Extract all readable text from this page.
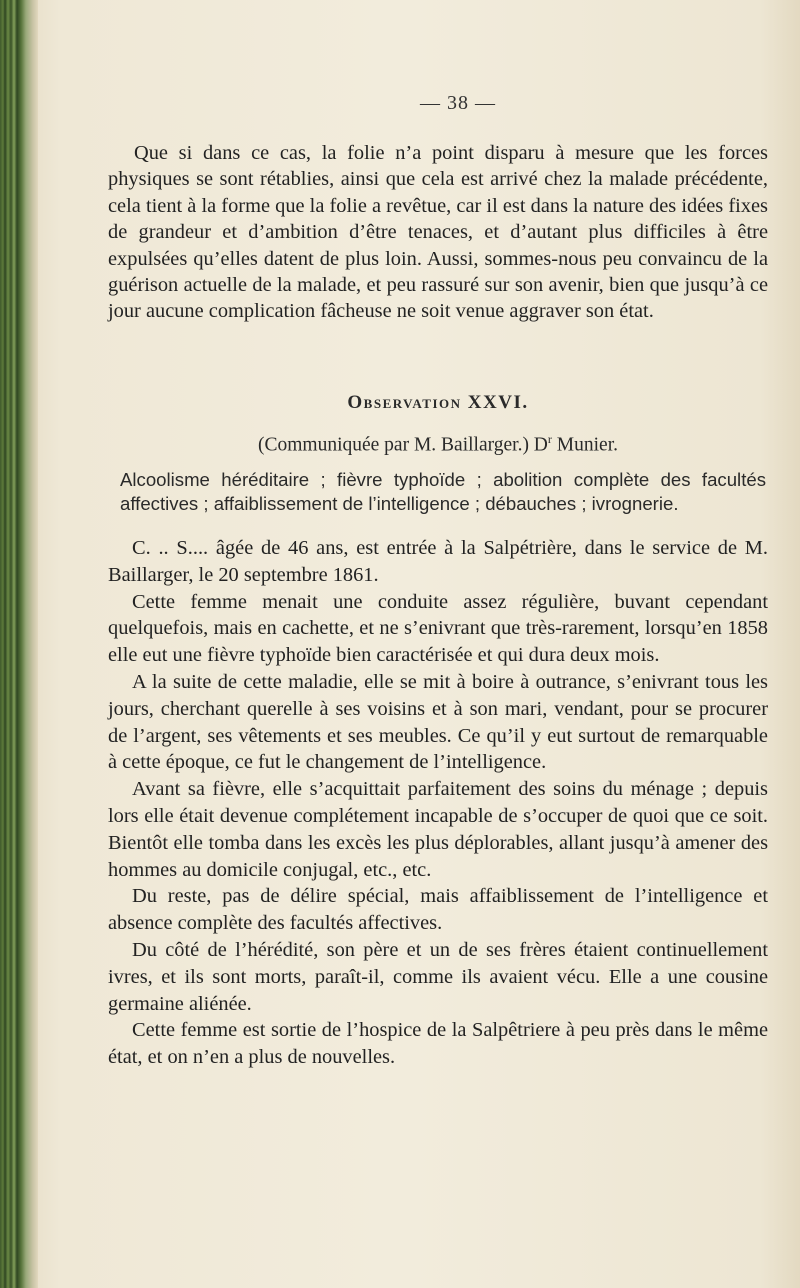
— 38 —

Que si dans ce cas, la folie n’a point disparu à mesure que les forces physiques se sont rétablies, ainsi que cela est arrivé chez la malade précédente, cela tient à la forme que la folie a revêtue, car il est dans la nature des idées fixes de grandeur et d’ambition d’être tenaces, et d’autant plus difficiles à être expulsées qu’elles datent de plus loin. Aussi, sommes-nous peu convaincu de la guérison actuelle de la malade, et peu rassuré sur son avenir, bien que jusqu’à ce jour aucune complication fâcheuse ne soit venue aggraver son état.

Observation XXVI.
(Communiquée par M. Baillarger.) $D^r$ Munier.
Alcoolisme héréditaire ; fièvre typhoïde ; abolition complète des facultés affectives ; affaiblissement de l’intelligence ; débauches ; ivrognerie.

C. .. S.... âgée de 46 ans, est entrée à la Salpétrière, dans le service de M. Baillarger, le 20 septembre 1861.

Cette femme menait une conduite assez régulière, buvant cependant quelquefois, mais en cachette, et ne s’enivrant que très-rarement, lorsqu’en 1858 elle eut une fièvre typhoïde bien caractérisée et qui dura deux mois.

A la suite de cette maladie, elle se mit à boire à outrance, s’enivrant tous les jours, cherchant querelle à ses voisins et à son mari, vendant, pour se procurer de l’argent, ses vêtements et ses meubles. Ce qu’il y eut surtout de remarquable à cette époque, ce fut le changement de l’intelligence.

Avant sa fièvre, elle s’acquittait parfaitement des soins du ménage ; depuis lors elle était devenue complétement incapable de s’occuper de quoi que ce soit. Bientôt elle tomba dans les excès les plus déplorables, allant jusqu’à amener des hommes au domicile conjugal, etc., etc.

Du reste, pas de délire spécial, mais affaiblissement de l’intelligence et absence complète des facultés affectives.

Du côté de l’hérédité, son père et un de ses frères étaient continuellement ivres, et ils sont morts, paraît-il, comme ils avaient vécu. Elle a une cousine germaine aliénée.

Cette femme est sortie de l’hospice de la Salpêtriere à peu près dans le même état, et on n’en a plus de nouvelles.
